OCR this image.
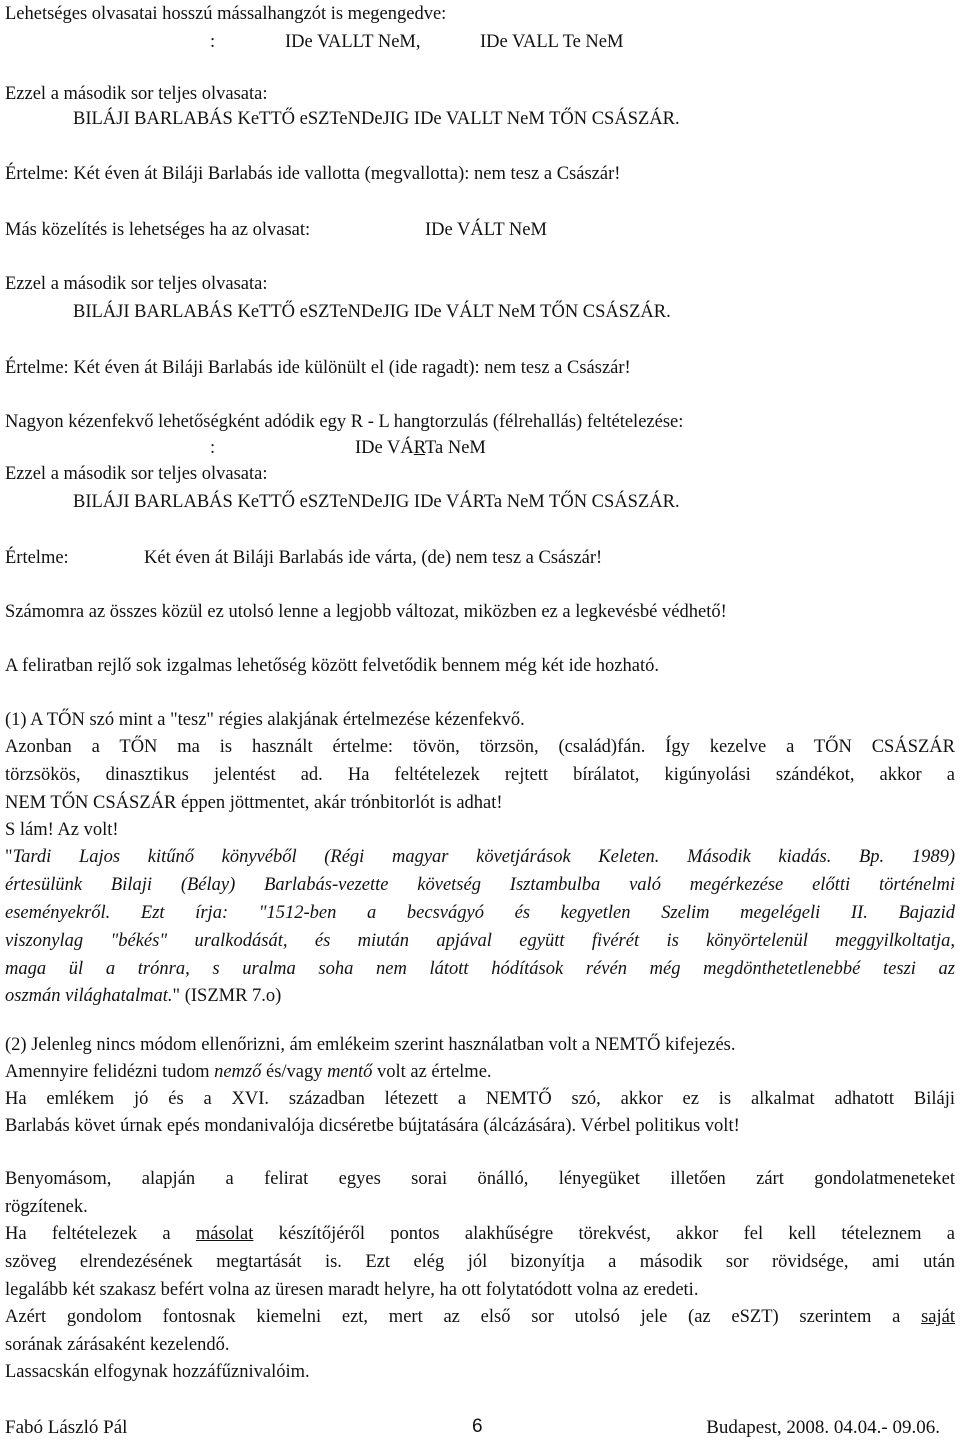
Lehetséges olvasatai hosszú mássalhangzót is megengedve:
:	IDe VALLT NeM,	IDe VALL Te NeM
Ezzel a második sor teljes olvasata:
BILÁJI BARLABÁS KeTTŐ eSZTeNDeJIG IDe VALLT NeM TŐN CSÁSZÁR.
Értelme: Két éven át Biláji Barlabás ide vallotta (megvallotta): nem tesz a Császár!
Más közelítés is lehetséges ha az olvasat:	IDe VÁLT NeM
Ezzel a második sor teljes olvasata:
BILÁJI BARLABÁS KeTTŐ eSZTeNDeJIG IDe VÁLT NeM TŐN CSÁSZÁR.
Értelme: Két éven át Biláji Barlabás ide különült el (ide ragadt): nem tesz a Császár!
Nagyon kézenfekvő lehetőségként adódik egy R - L hangtorzulás (félrehallás) feltételezése:
:	IDe VÁRTa NeM
Ezzel a második sor teljes olvasata:
BILÁJI BARLABÁS KeTTŐ eSZTeNDeJIG IDe VÁRTa NeM TŐN CSÁSZÁR.
Értelme:	Két éven át Biláji Barlabás ide várta, (de) nem tesz a Császár!
Számomra az összes közül ez utolsó lenne a legjobb változat, miközben ez a legkevésbé védhető!
A feliratban rejlő sok izgalmas lehetőség között felvetődik bennem még két ide hozható.
(1) A TŐN szó mint a "tesz" régies alakjának értelmezése kézenfekvő.
Azonban a TŐN ma is használt értelme: tövön, törzsön, (család)fán. Így kezelve a TŐN CSÁSZÁR
törzsökös, dinasztikus jelentést ad. Ha feltételezek rejtett bírálatot, kigúnyolási szándékot, akkor a
NEM TŐN CSÁSZÁR éppen jöttmentet, akár trónbitorlót is adhat!
S lám! Az volt!
"Tardi Lajos kitűnő könyvéből (Régi magyar követjárások Keleten. Második kiadás. Bp. 1989)
értesülünk Bilaji (Bélay) Barlabás-vezette követség Isztambulba való megérkezése előtti történelmi
eseményekről. Ezt írja: "1512-ben a becsvágyó és kegyetlen Szelim megelégeli II. Bajazid
viszonylag "békés" uralkodását, és miután apjával együtt fivérét is könyörtelenül meggyilkoltatja,
maga ül a trónra, s uralma soha nem látott hódítások révén még megdönthetetlenebbé teszi az
oszmán világhatalmat." (ISZMR 7.o)
(2) Jelenleg nincs módom ellenőrizni, ám emlékeim szerint használatban volt a NEMTŐ kifejezés.
Amennyire felidézni tudom nemző és/vagy mentő volt az értelme.
Ha emlékem jó és a XVI. században létezett a NEMTŐ szó, akkor ez is alkalmat adhatott Biláji
Barlabás követ úrnak epés mondanivalója dicséretbe bújtatására (álcázására). Vérbel politikus volt!
Benyomásom, alapján a felirat egyes sorai önálló, lényegüket illetően zárt gondolatmeneteket
rögzítenek.
Ha feltételezek a másolat készítőjéről pontos alakhűségre törekvést, akkor fel kell tételeznem a
szöveg elrendezésének megtartását is. Ezt elég jól bizonyítja a második sor rövidsége, ami után
legalább két szakasz befért volna az üresen maradt helyre, ha ott folytatódott volna az eredeti.
Azért gondolom fontosnak kiemelni ezt, mert az első sor utolsó jele (az eSZT) szerintem a saját
sorának zárásaként kezelendő.
Lassacskán elfogynak hozzáfűznivalóim.
Fabó László Pál	6	Budapest, 2008. 04.04.- 09.06.
